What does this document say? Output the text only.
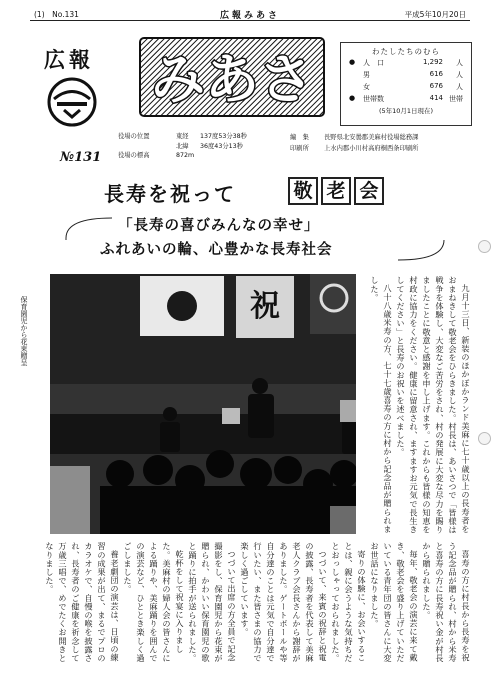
(1)　 No.131	広報みあさ	平成5年10月20日
広報 みあさ	わたしたちのむら
● 人　口	1,292 人
男	616 人
女	676 人
● 世帯数	414 世帯
(5年10月1日現在)
役場の位置	東経 137度53分38秒
北緯 36度43分13秒
役場の標高	872m
編　集 長野県北安曇郡美麻村役場総務課
印刷所 上水内郡小川村高府桐西条印刷所
№131
長寿を祝って	敬 老 会
「長寿の喜びみんなの幸せ」
ふれあいの輪、心豊かな長寿社会
保育園児から花束贈呈	祝	九月十三日、新装のほかぼかランド美麻に七十歳以上の長寿者をおまねきして敬老会をひらきました。村長は、あいさつで「皆様は戦争を体験し、大変なご苦労をされ、村の発展に大変な尽力を賜りましたことに敬意と感謝を申し上げます。これからも皆様の知恵を村政に協力をください。健康に留意され、ますますお元気で長生きしてください」と長寿のお祝いを述べました。

八十八歳米寿の方、七十七歳喜寿の方に村から記念品が贈られました。

喜寿の方に村長から長寿を祝う記念品が贈られ、村から米寿と喜寿の方に長寿祝い金が村長から贈られました。

毎年、敬老会の演芸に来て戴き、敬老会を盛り上げていただいている青年団の皆さんに大変お世話になりました。

寄りの体験に、お会いすることは、親に会うような気持ちだとおっしゃっておられました。

つづいて、来賓の祝辞と祝電の披露、長寿者を代表して美麻老人クラブ会長さんから謝辞がありました。ゲートボールや等自分達のことは元気で自分達で行いたい、また皆さまの協力で楽しく過ごしています。

つづいて出席の方全員で記念撮影をし、保育園児から花束が贈られ、かわいい保育園児の歌と踊りに拍手が送られました。

乾杯をして祝宴に入りました。美麻村の婦人会の皆さんによる踊りや、美麻踊りを囲んでの演芸など、ひととき楽しく過ごしました。

養老劇団の演芸は、日頃の練習の成果が出て、まるでプロのカラオケで、自慢の喉を披露され、長寿者のご健康を祈念して万歳三唱で、めでたくお開きとなりました。
